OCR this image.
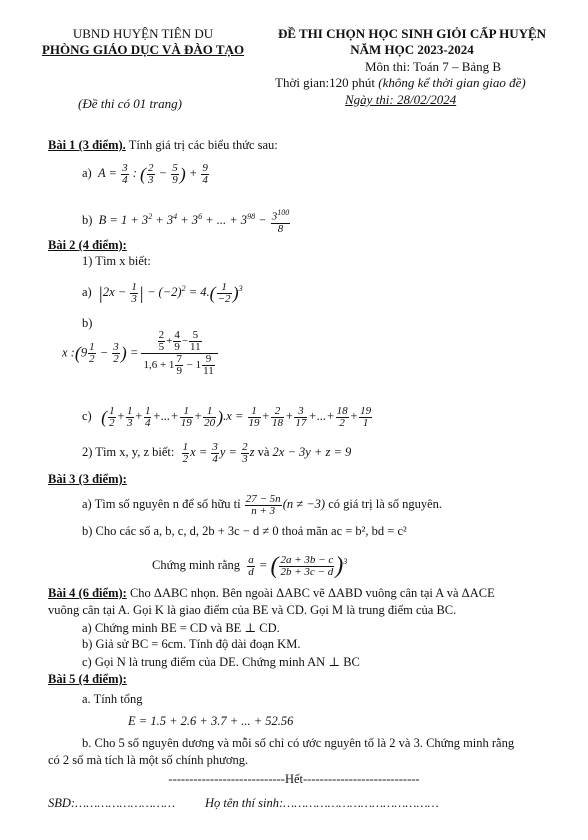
UBND HUYỆN TIÊN DU
PHÒNG GIÁO DỤC VÀ ĐÀO TẠO
ĐỀ THI CHỌN HỌC SINH GIỎI CẤP HUYỆN
NĂM HỌC 2023-2024
Môn thi: Toán 7 – Bảng B
Thời gian:120 phút (không kể thời gian giao đề)
Ngày thi: 28/02/2024
(Đề thi có 01 trang)
Bài 1 (3 điểm). Tính giá trị các biểu thức sau:
a)  $A = \frac{3}{4}$ : ( $\frac{2}{3} - \frac{5}{9}$ ) + $\frac{9}{4}$
b)  $B = 1 + 3^2 + 3^4 + 3^6$ + ... + $3^{98} - \frac{3^{100}}{8}$
Bài 2 (4 điểm):
1) Tìm x biết:
a) $|2x - \frac{1}{3}$ | − $(-2)^2 = 4.( \frac{1}{-2} )^3$
b)
x :(9 $\frac{1}{2} - \frac{3}{2}$ ) = $\frac{\frac{2}{5} + \frac{4}{9} - \frac{5}{11}}{1,6 + 1 \frac{7}{9} - 1 \frac{9}{11}}$
c) ( $\frac{1}{2} + \frac{1}{3} + \frac{1}{4}$ +...+ $\frac{1}{19} + \frac{1}{20} ).x = \frac{1}{19} + \frac{2}{18} + \frac{3}{17}$ +...+ $\frac{18}{2} + \frac{19}{1}$
2) Tìm x, y, z biết: $\frac{1}{2}$ $x = \frac{3}{4}$ $y = \frac{2}{3}$ z và 2x − 3y + z = 9
Bài 3 (3 điểm):
a) Tìm số nguyên n để số hữu tỉ $\frac{27 - 5n}{n + 3} (n \ne -3)$ có giá trị là số nguyên.
b) Cho các số a, b, c, d, 2b + 3c − d ≠ 0 thoả mãn ac = b², bd = c²
Chứng minh rằng $\frac{a}{d}$ = ( $\frac{2a + 3b - c}{2b + 3c - d} )^3$
Bài 4 (6 điểm): Cho ΔABC nhọn. Bên ngoài ΔABC vẽ ΔABD vuông cân tại A và ΔACE
vuông cân tại A. Gọi K là giao điểm của BE và CD. Gọi M là trung điểm của BC.
a) Chứng minh BE = CD và BE ⊥ CD.
b) Giả sử BC = 6cm. Tính độ dài đoạn KM.
c) Gọi N là trung điểm của DE. Chứng minh AN ⊥ BC
Bài 5 (4 điểm):
a. Tính tổng
E = 1.5 + 2.6 + 3.7 + ... + 52.56
b. Cho 5 số nguyên dương và mỗi số chỉ có ước nguyên tố là 2 và 3. Chứng minh rằng
có 2 số mà tích là một số chính phương.
----------------------------Hết----------------------------
SBD:……………………… Họ tên thí sinh:……………………………………
